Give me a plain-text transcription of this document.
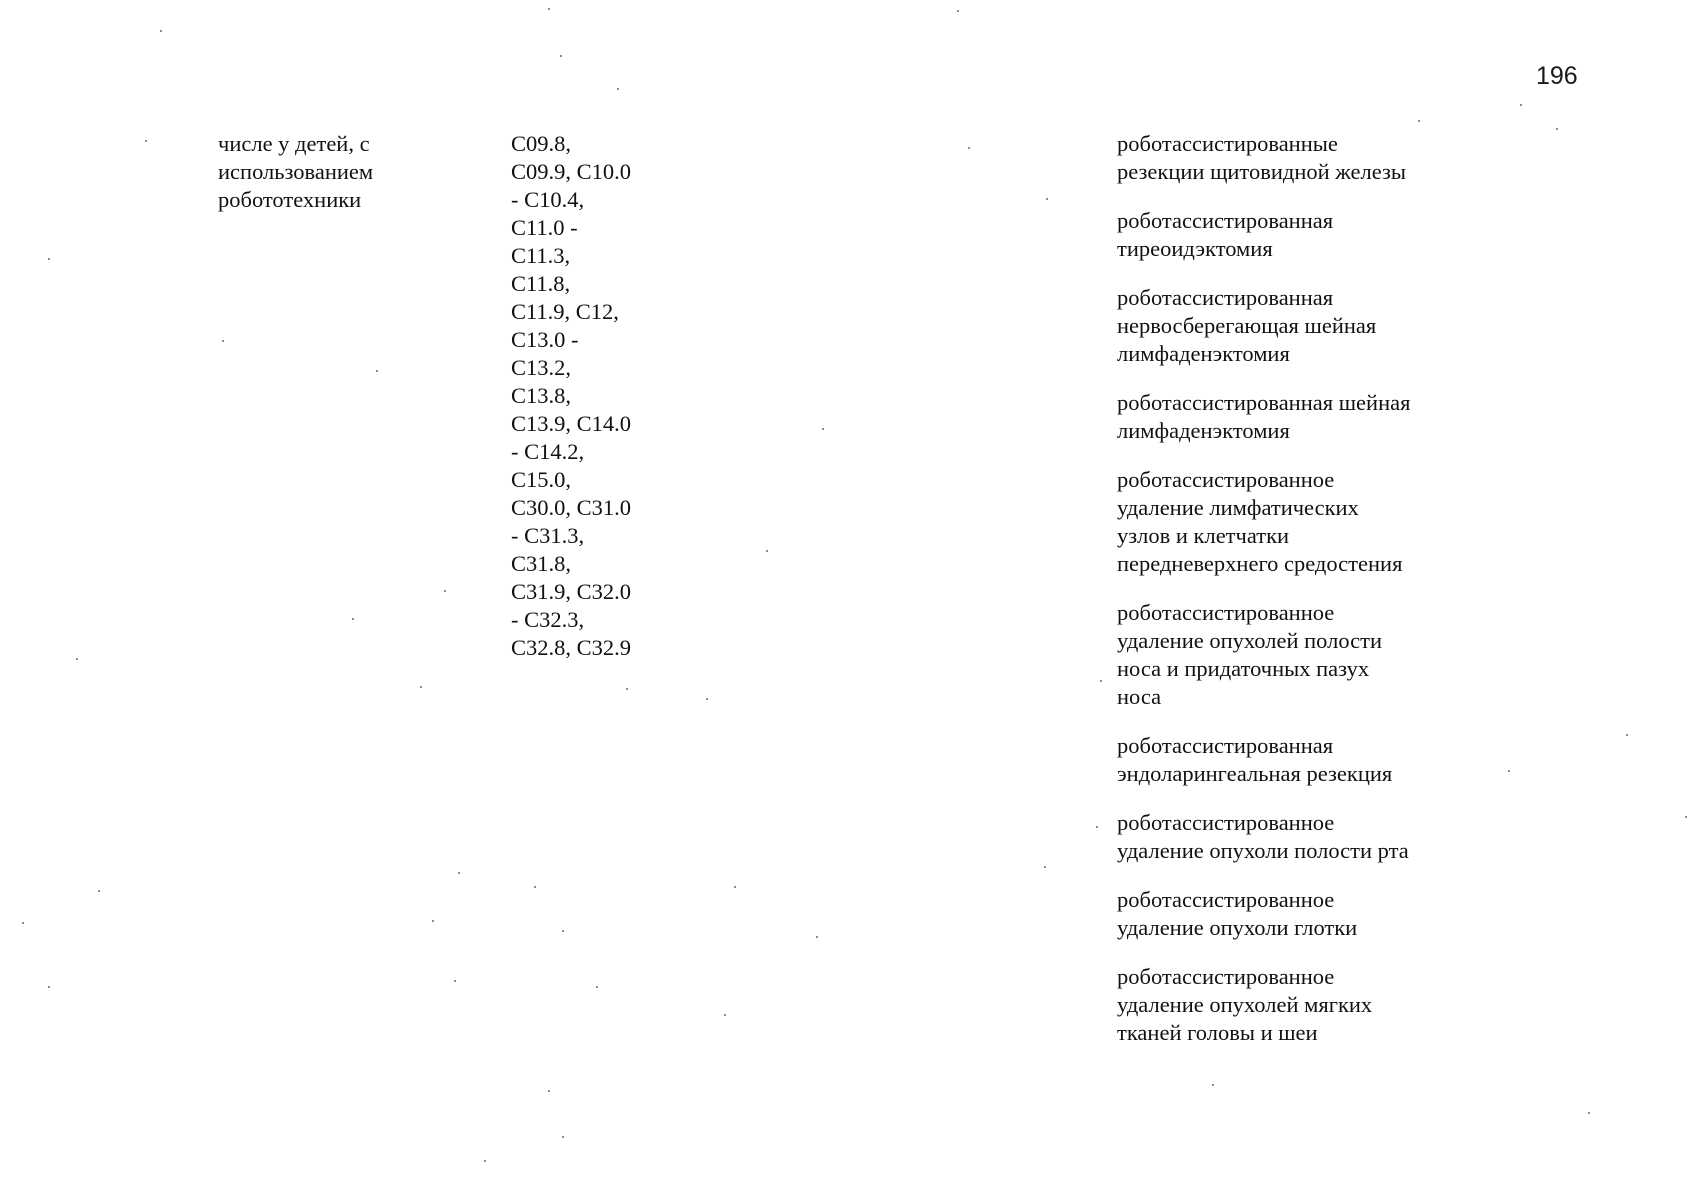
196
числе у детей, с
использованием
робототехники
C09.8,
C09.9, C10.0
- C10.4,
C11.0 -
C11.3,
C11.8,
C11.9, C12,
C13.0 -
C13.2,
C13.8,
C13.9, C14.0
- C14.2,
C15.0,
C30.0, C31.0
- C31.3,
C31.8,
C31.9, C32.0
- C32.3,
C32.8, C32.9
роботассистированные
резекции щитовидной железы
роботассистированная
тиреоидэктомия
роботассистированная
нервосберегающая шейная
лимфаденэктомия
роботассистированная шейная
лимфаденэктомия
роботассистированное
удаление лимфатических
узлов и клетчатки
передневерхнего средостения
роботассистированное
удаление опухолей полости
носа и придаточных пазух
носа
роботассистированная
эндоларингеальная резекция
роботассистированное
удаление опухоли полости рта
роботассистированное
удаление опухоли глотки
роботассистированное
удаление опухолей мягких
тканей головы и шеи
